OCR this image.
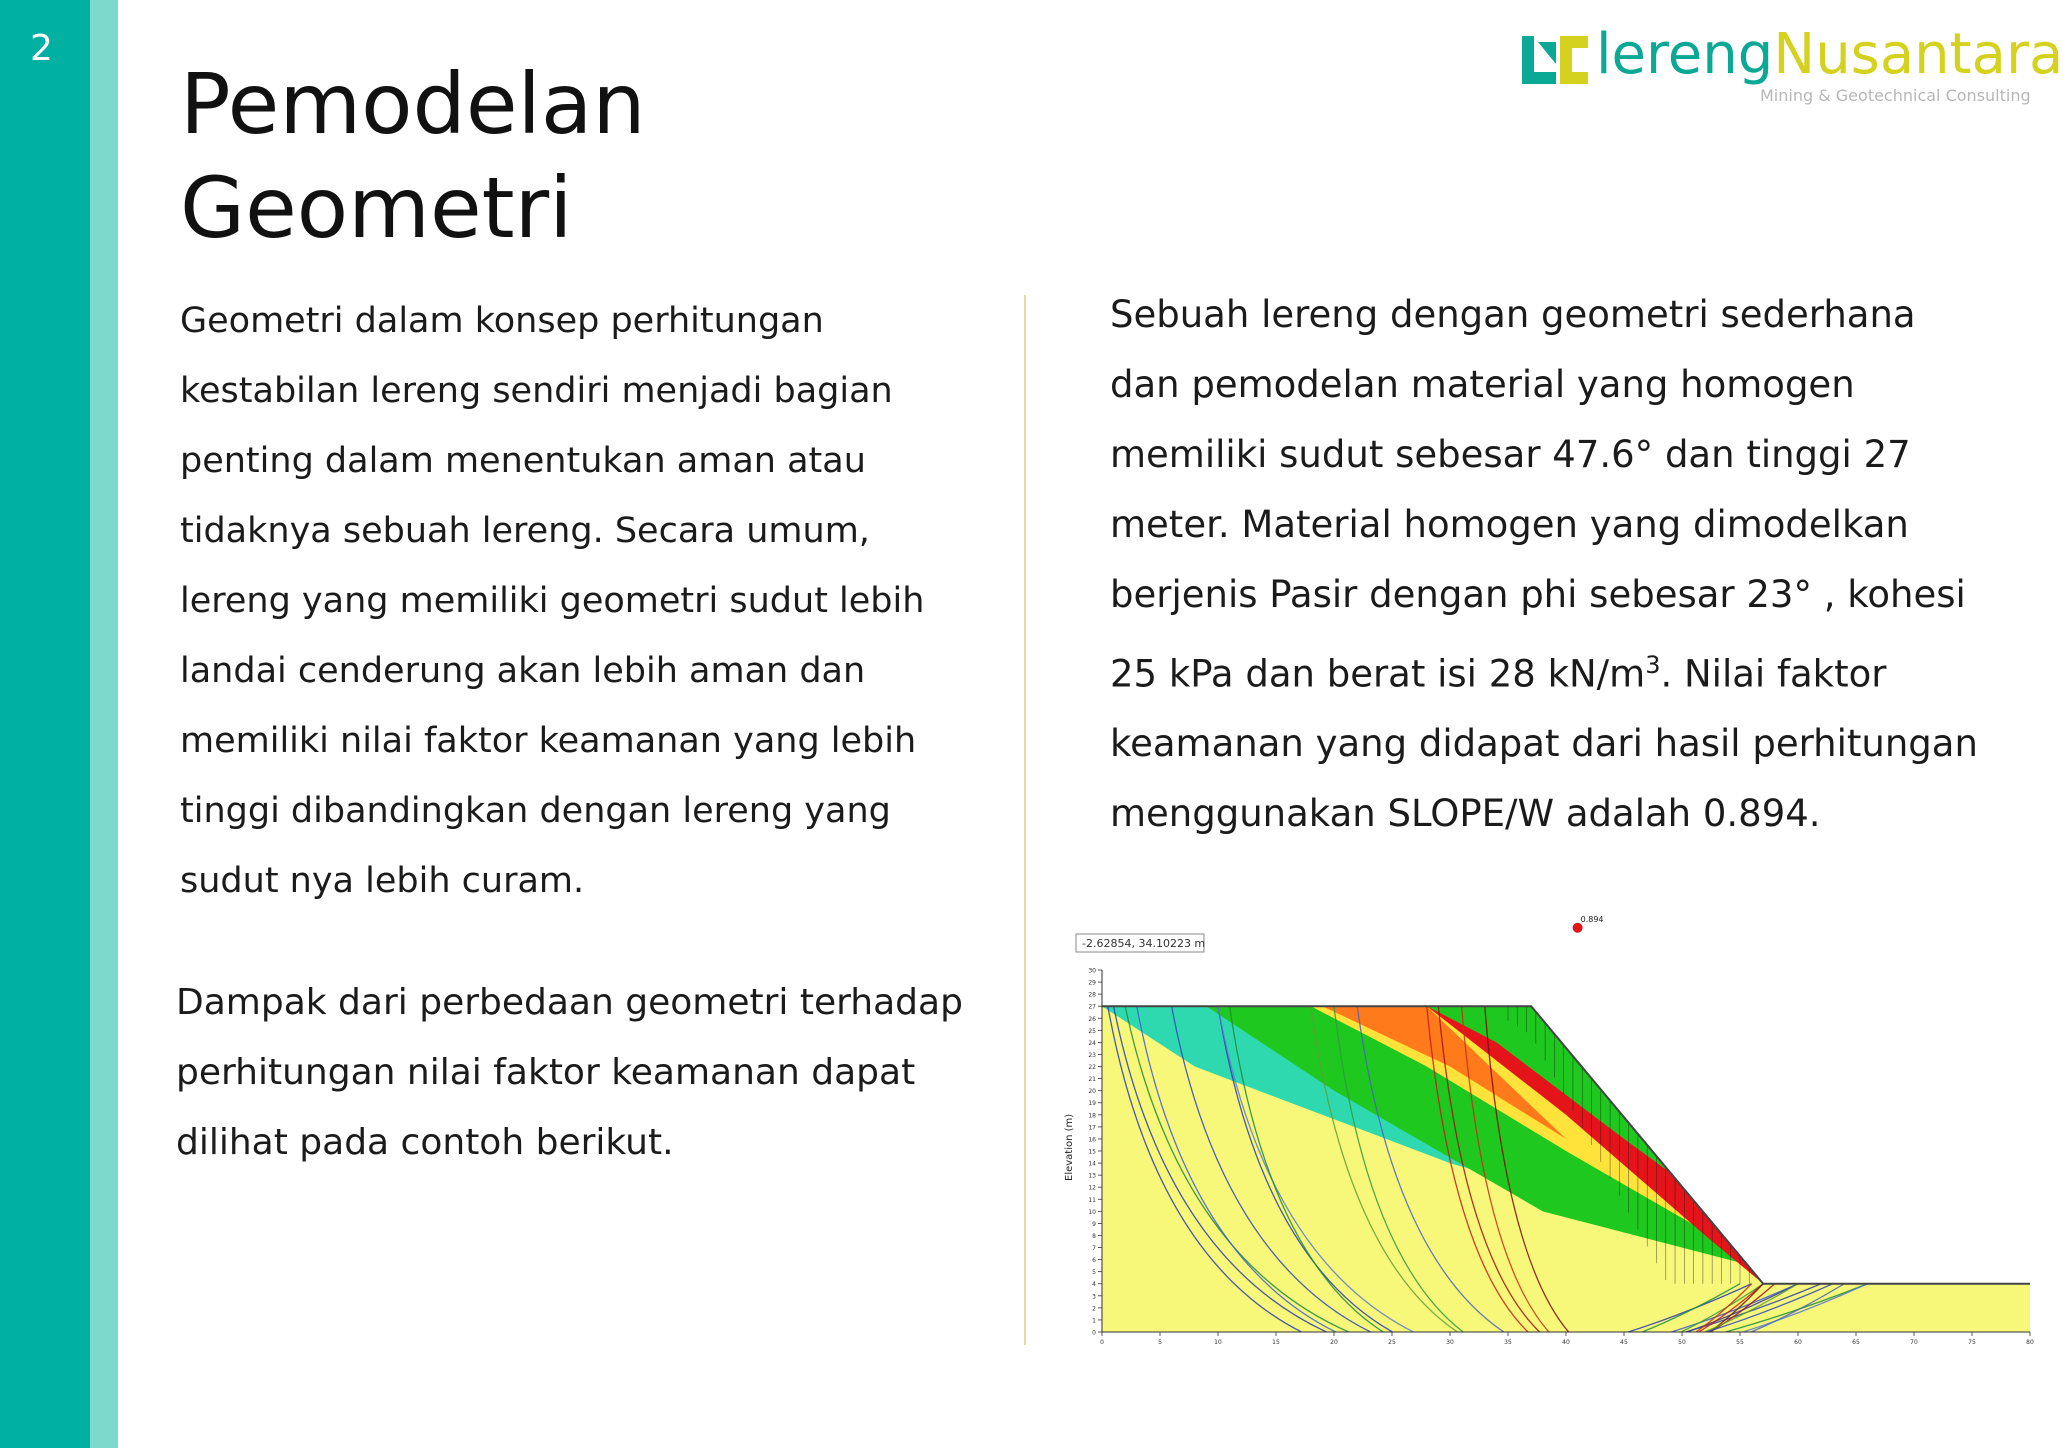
2
Pemodelan
Geometri
lerengNusantara
Mining & Geotechnical Consulting
Geometri dalam konsep perhitungan kestabilan lereng sendiri menjadi bagian penting dalam menentukan aman atau tidaknya sebuah lereng. Secara umum, lereng yang memiliki geometri sudut lebih landai cenderung akan lebih aman dan memiliki nilai faktor keamanan yang lebih tinggi dibandingkan dengan lereng yang sudut nya lebih curam.
Dampak dari perbedaan geometri terhadap perhitungan nilai faktor keamanan dapat dilihat pada contoh berikut.
Sebuah lereng dengan geometri sederhana dan pemodelan material yang homogen memiliki sudut sebesar 47.6° dan tinggi 27 meter. Material homogen yang dimodelkan berjenis Pasir dengan phi sebesar 23° , kohesi 25 kPa dan berat isi 28 $kN/m^3$. Nilai faktor keamanan yang didapat dari hasil perhitungan menggunakan SLOPE/W adalah 0.894.
0
1
2
3
4
5
6
7
8
9
10
11
12
13
14
15
16
17
18
19
20
21
22
23
24
25
26
27
28
29
30
0	5	10	15	20	25	30	35	40	45	50	55	60	65	70	75	80
-2.62854, 34.10223 m
0.894
Elevation (m)
